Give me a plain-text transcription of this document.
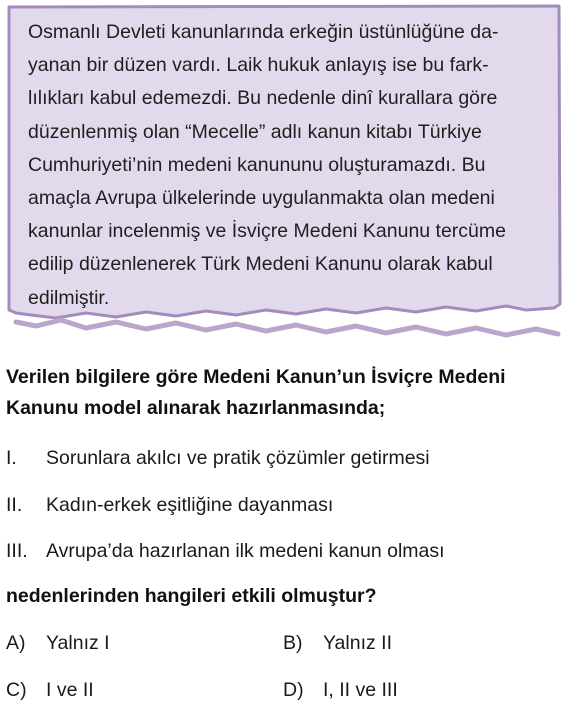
Osmanlı Devleti kanunlarında erkeğin üstünlüğüne da-
yanan bir düzen vardı. Laik hukuk anlayış ise bu fark-
lılıkları kabul edemezdi. Bu nedenle dinî kurallara göre
düzenlenmiş olan “Mecelle” adlı kanun kitabı Türkiye
Cumhuriyeti’nin medeni kanununu oluşturamazdı. Bu
amaçla Avrupa ülkelerinde uygulanmakta olan medeni
kanunlar incelenmiş ve İsviçre Medeni Kanunu tercüme
edilip düzenlenerek Türk Medeni Kanunu olarak kabul
edilmiştir.
Verilen bilgilere göre Medeni Kanun’un İsviçre Medeni
Kanunu model alınarak hazırlanmasında;
I. Sorunlara akılcı ve pratik çözümler getirmesi
II. Kadın-erkek eşitliğine dayanması
III. Avrupa’da hazırlanan ilk medeni kanun olması
nedenlerinden hangileri etkili olmuştur?
A) Yalnız I	B) Yalnız II
C) I ve II	D) I, II ve III
